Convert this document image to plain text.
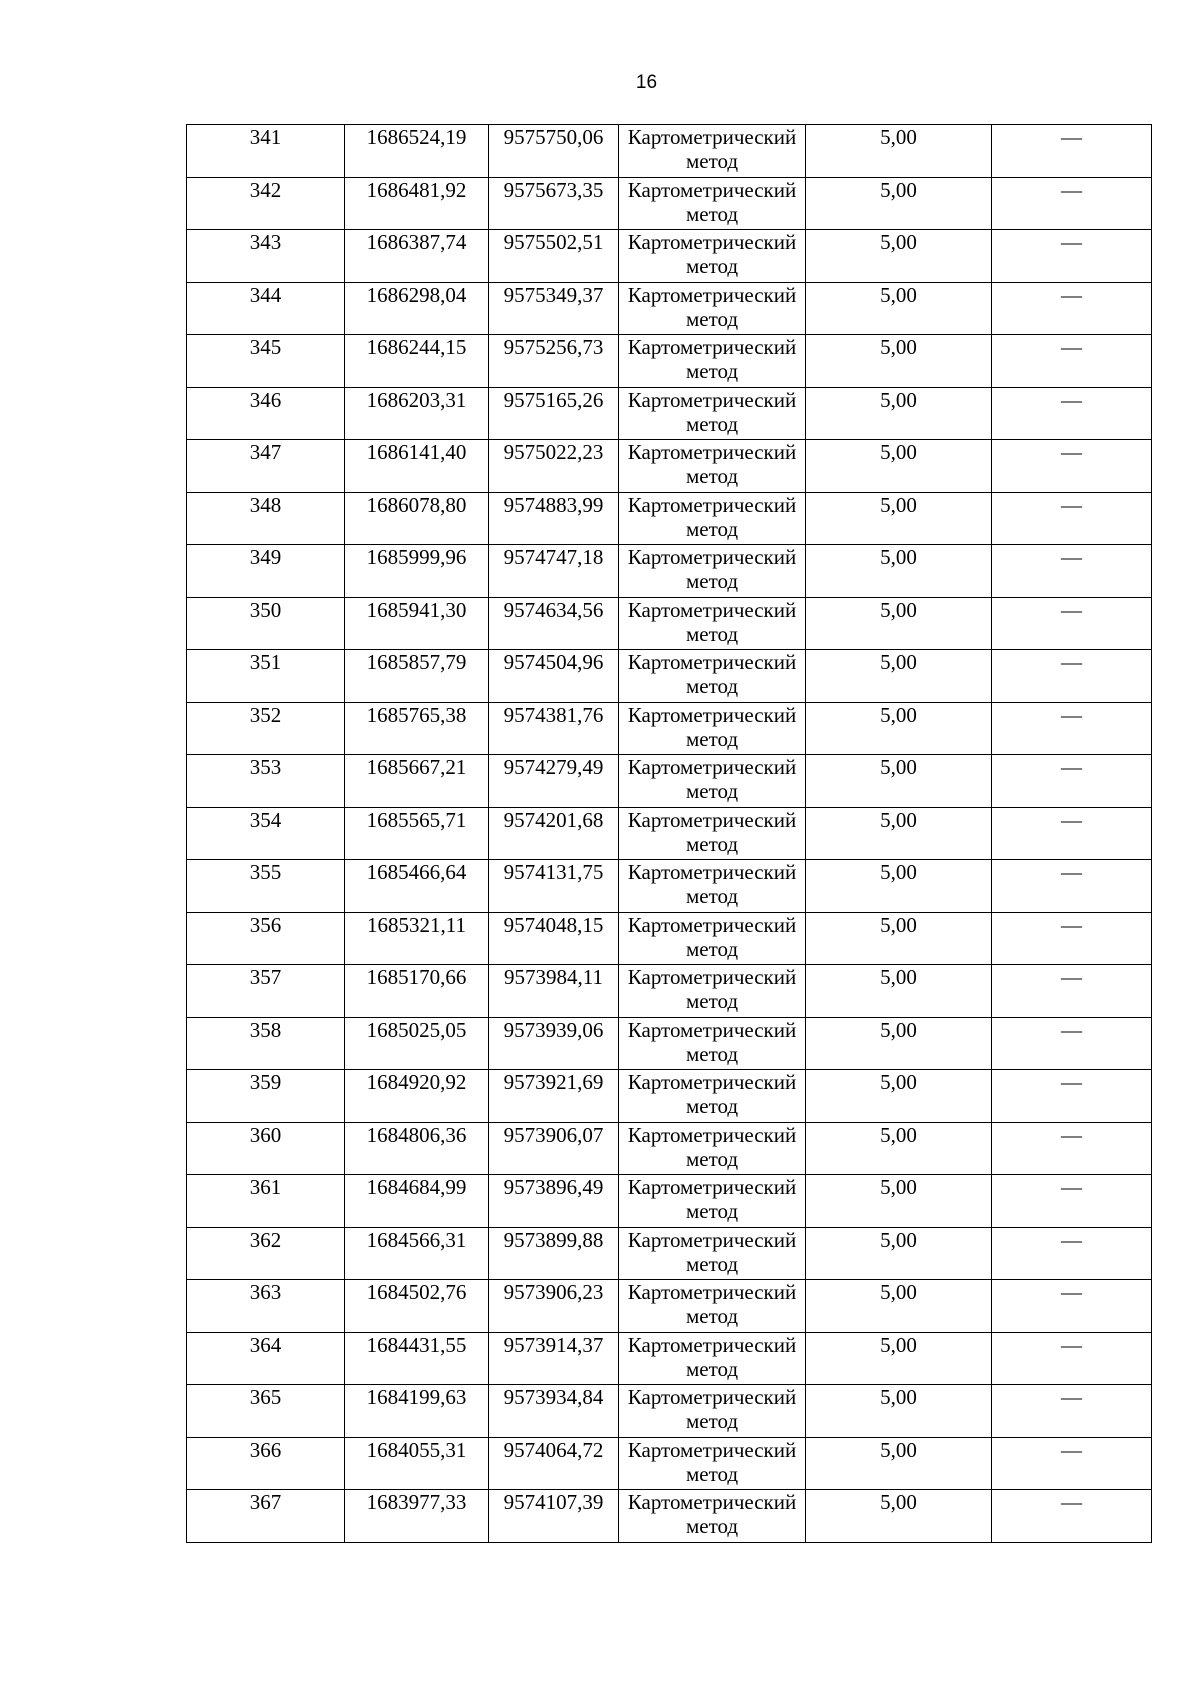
16
341	1686524,19	9575750,06	Картометрический метод	5,00	—
342	1686481,92	9575673,35	Картометрический метод	5,00	—
343	1686387,74	9575502,51	Картометрический метод	5,00	—
344	1686298,04	9575349,37	Картометрический метод	5,00	—
345	1686244,15	9575256,73	Картометрический метод	5,00	—
346	1686203,31	9575165,26	Картометрический метод	5,00	—
347	1686141,40	9575022,23	Картометрический метод	5,00	—
348	1686078,80	9574883,99	Картометрический метод	5,00	—
349	1685999,96	9574747,18	Картометрический метод	5,00	—
350	1685941,30	9574634,56	Картометрический метод	5,00	—
351	1685857,79	9574504,96	Картометрический метод	5,00	—
352	1685765,38	9574381,76	Картометрический метод	5,00	—
353	1685667,21	9574279,49	Картометрический метод	5,00	—
354	1685565,71	9574201,68	Картометрический метод	5,00	—
355	1685466,64	9574131,75	Картометрический метод	5,00	—
356	1685321,11	9574048,15	Картометрический метод	5,00	—
357	1685170,66	9573984,11	Картометрический метод	5,00	—
358	1685025,05	9573939,06	Картометрический метод	5,00	—
359	1684920,92	9573921,69	Картометрический метод	5,00	—
360	1684806,36	9573906,07	Картометрический метод	5,00	—
361	1684684,99	9573896,49	Картометрический метод	5,00	—
362	1684566,31	9573899,88	Картометрический метод	5,00	—
363	1684502,76	9573906,23	Картометрический метод	5,00	—
364	1684431,55	9573914,37	Картометрический метод	5,00	—
365	1684199,63	9573934,84	Картометрический метод	5,00	—
366	1684055,31	9574064,72	Картометрический метод	5,00	—
367	1683977,33	9574107,39	Картометрический метод	5,00	—
